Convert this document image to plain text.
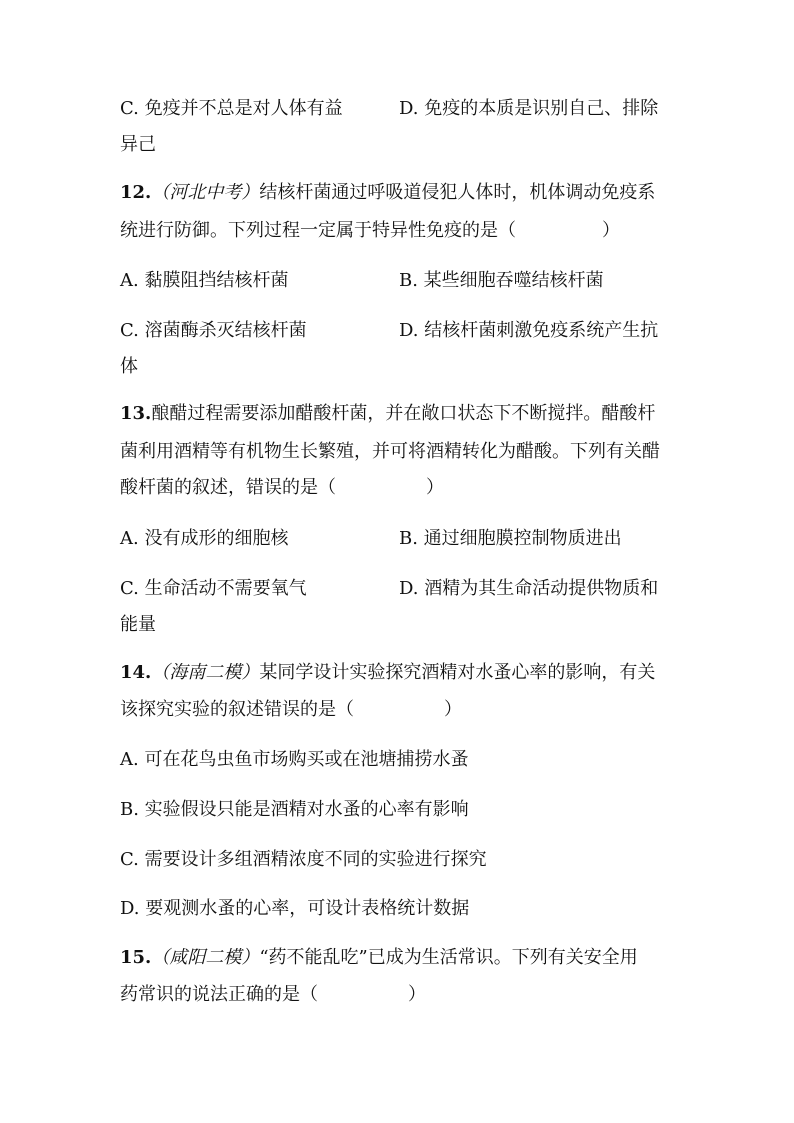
C. 免疫并不总是对人体有益	D. 免疫的本质是识别自己、排除
异己
12.（河北中考）结核杆菌通过呼吸道侵犯人体时，机体调动免疫系
统进行防御。下列过程一定属于特异性免疫的是（	）
A. 黏膜阻挡结核杆菌	B. 某些细胞吞噬结核杆菌
C. 溶菌酶杀灭结核杆菌	D. 结核杆菌刺激免疫系统产生抗
体
13.酿醋过程需要添加醋酸杆菌，并在敞口状态下不断搅拌。醋酸杆
菌利用酒精等有机物生长繁殖，并可将酒精转化为醋酸。下列有关醋
酸杆菌的叙述，错误的是（	）
A. 没有成形的细胞核	B. 通过细胞膜控制物质进出
C. 生命活动不需要氧气	D. 酒精为其生命活动提供物质和
能量
14.（海南二模）某同学设计实验探究酒精对水蚤心率的影响，有关
该探究实验的叙述错误的是（	）
A. 可在花鸟虫鱼市场购买或在池塘捕捞水蚤
B. 实验假设只能是酒精对水蚤的心率有影响
C. 需要设计多组酒精浓度不同的实验进行探究
D. 要观测水蚤的心率，可设计表格统计数据
15.（咸阳二模）“药不能乱吃”已成为生活常识。下列有关安全用
药常识的说法正确的是（	）
